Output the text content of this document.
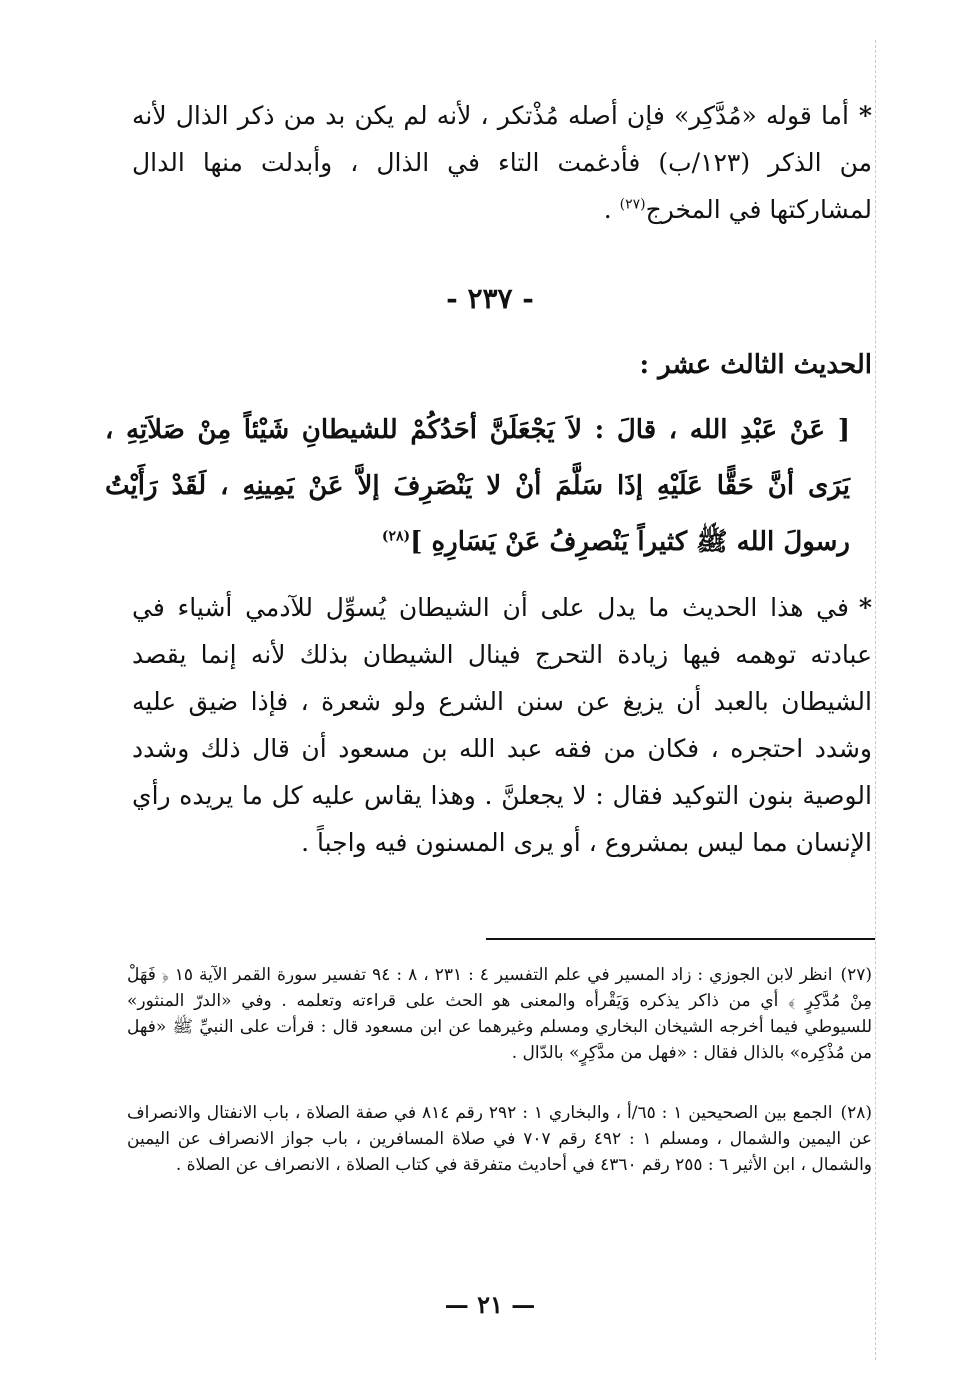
*أما قوله «مُدَّكِر» فإن أصله مُذْتكر ، لأنه لم يكن بد من ذكر الذال لأنه من الذكر (١٢٣/ب) فأدغمت التاء في الذال ، وأبدلت منها الدال لمشاركتها في المخرج$^{(٢٧)}$ .

- ٢٣٧ -
الحديث الثالث عشر :

[ عَنْ عَبْدِ الله ، قالَ : لاَ يَجْعَلَنَّ أحَدُكُمْ للشيطانِ شَيْئاً مِنْ صَلاَتِهِ ، يَرَى أنَّ حَقًّا عَلَيْهِ إذَا سَلَّمَ أنْ لا يَنْصَرِفَ إلاَّ عَنْ يَمِينِهِ ، لَقَدْ رَأَيْتُ رسولَ الله ﷺ كثيراً يَنْصرِفُ عَنْ يَسَارِهِ ]$^{(٢٨)}$

*في هذا الحديث ما يدل على أن الشيطان يُسوِّل للآدمي أشياء في عبادته توهمه فيها زيادة التحرج فينال الشيطان بذلك لأنه إنما يقصد الشيطان بالعبد أن يزيغ عن سنن الشرع ولو شعرة ، فإذا ضيق عليه وشدد احتجره ، فكان من فقه عبد الله بن مسعود أن قال ذلك وشدد الوصية بنون التوكيد فقال : لا يجعلنَّ . وهذا يقاس عليه كل ما يريده رأي الإنسان مما ليس بمشروع ، أو يرى المسنون فيه واجباً .

(٢٧)انظر لابن الجوزي : زاد المسير في علم التفسير ٤ : ٢٣١ ، ٨ : ٩٤ تفسير سورة القمر الآية ١٥ ﴿ فَهَلْ مِنْ مُدَّكِرٍ ﴾ أي من ذاكر يذكره وَيَقْرأه والمعنى هو الحث على قراءته وتعلمه . وفي «الدرّ المنثور» للسيوطي فيما أخرجه الشيخان البخاري ومسلم وغيرهما عن ابن مسعود قال : قرأت على النبيِّ ﷺ «فهل من مُذْكِره» بالذال فقال : «فهل من مدَّكِرٍ» بالدّال .

(٢٨)الجمع بين الصحيحين ١ : ٦٥/أ ، والبخاري ١ : ٢٩٢ رقم ٨١٤ في صفة الصلاة ، باب الانفتال والانصراف عن اليمين والشمال ، ومسلم ١ : ٤٩٢ رقم ٧٠٧ في صلاة المسافرين ، باب جواز الانصراف عن اليمين والشمال ، ابن الأثير ٦ : ٢٥٥ رقم ٤٣٦٠ في أحاديث متفرقة في كتاب الصلاة ، الانصراف عن الصلاة .

— ٢١ —
